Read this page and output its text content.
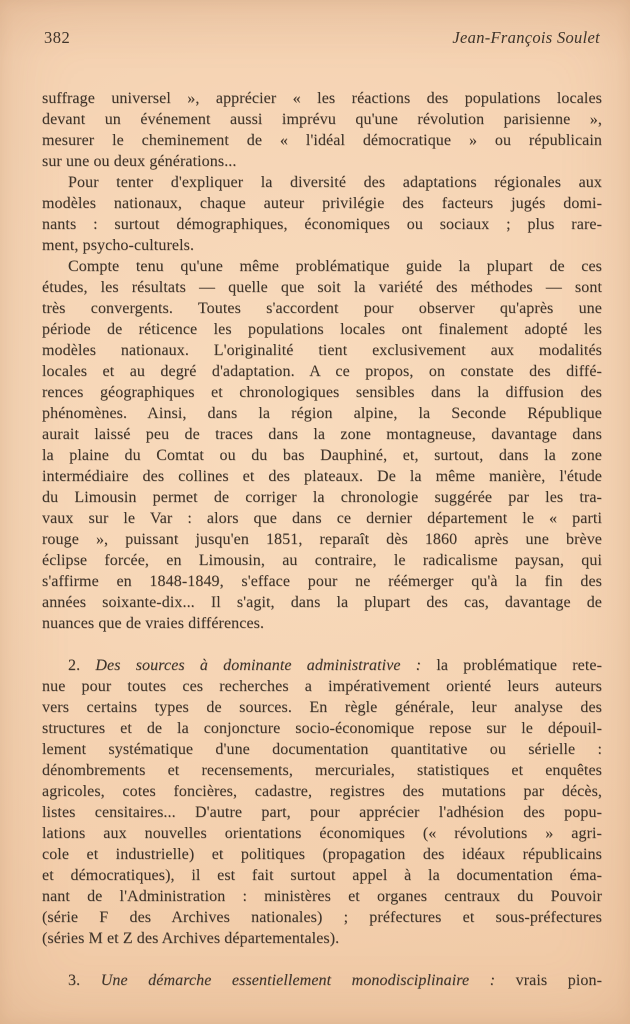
382	Jean-François Soulet
suffrage universel », apprécier « les réactions des populations locales
devant un événement aussi imprévu qu'une révolution parisienne »,
mesurer le cheminement de « l'idéal démocratique » ou républicain
sur une ou deux générations...
Pour tenter d'expliquer la diversité des adaptations régionales aux
modèles nationaux, chaque auteur privilégie des facteurs jugés domi-
nants : surtout démographiques, économiques ou sociaux ; plus rare-
ment, psycho-culturels.
Compte tenu qu'une même problématique guide la plupart de ces
études, les résultats — quelle que soit la variété des méthodes — sont
très convergents. Toutes s'accordent pour observer qu'après une
période de réticence les populations locales ont finalement adopté les
modèles nationaux. L'originalité tient exclusivement aux modalités
locales et au degré d'adaptation. A ce propos, on constate des diffé-
rences géographiques et chronologiques sensibles dans la diffusion des
phénomènes. Ainsi, dans la région alpine, la Seconde République
aurait laissé peu de traces dans la zone montagneuse, davantage dans
la plaine du Comtat ou du bas Dauphiné, et, surtout, dans la zone
intermédiaire des collines et des plateaux. De la même manière, l'étude
du Limousin permet de corriger la chronologie suggérée par les tra-
vaux sur le Var : alors que dans ce dernier département le « parti
rouge », puissant jusqu'en 1851, reparaît dès 1860 après une brève
éclipse forcée, en Limousin, au contraire, le radicalisme paysan, qui
s'affirme en 1848-1849, s'efface pour ne réémerger qu'à la fin des
années soixante-dix... Il s'agit, dans la plupart des cas, davantage de
nuances que de vraies différences.
2. Des sources à dominante administrative : la problématique rete-
nue pour toutes ces recherches a impérativement orienté leurs auteurs
vers certains types de sources. En règle générale, leur analyse des
structures et de la conjoncture socio-économique repose sur le dépouil-
lement systématique d'une documentation quantitative ou sérielle :
dénombrements et recensements, mercuriales, statistiques et enquêtes
agricoles, cotes foncières, cadastre, registres des mutations par décès,
listes censitaires... D'autre part, pour apprécier l'adhésion des popu-
lations aux nouvelles orientations économiques (« révolutions » agri-
cole et industrielle) et politiques (propagation des idéaux républicains
et démocratiques), il est fait surtout appel à la documentation éma-
nant de l'Administration : ministères et organes centraux du Pouvoir
(série F des Archives nationales) ; préfectures et sous-préfectures
(séries M et Z des Archives départementales).
3. Une démarche essentiellement monodisciplinaire : vrais pion-
